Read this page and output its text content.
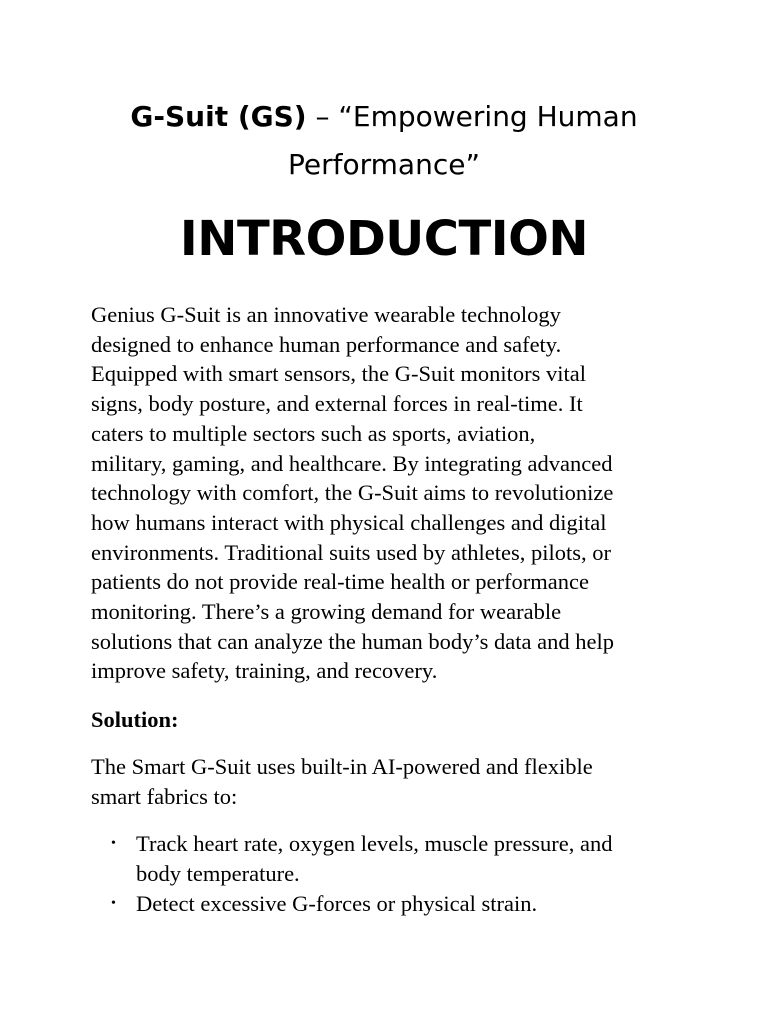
G-Suit (GS) – “Empowering Human
Performance”
INTRODUCTION

Genius G-Suit is an innovative wearable technology
designed to enhance human performance and safety.
Equipped with smart sensors, the G-Suit monitors vital
signs, body posture, and external forces in real-time. It
caters to multiple sectors such as sports, aviation,
military, gaming, and healthcare. By integrating advanced
technology with comfort, the G-Suit aims to revolutionize
how humans interact with physical challenges and digital
environments. Traditional suits used by athletes, pilots, or
patients do not provide real-time health or performance
monitoring. There’s a growing demand for wearable
solutions that can analyze the human body’s data and help
improve safety, training, and recovery.

Solution:

The Smart G-Suit uses built-in AI-powered and flexible
smart fabrics to:

• Track heart rate, oxygen levels, muscle pressure, and
body temperature.
• Detect excessive G-forces or physical strain.
